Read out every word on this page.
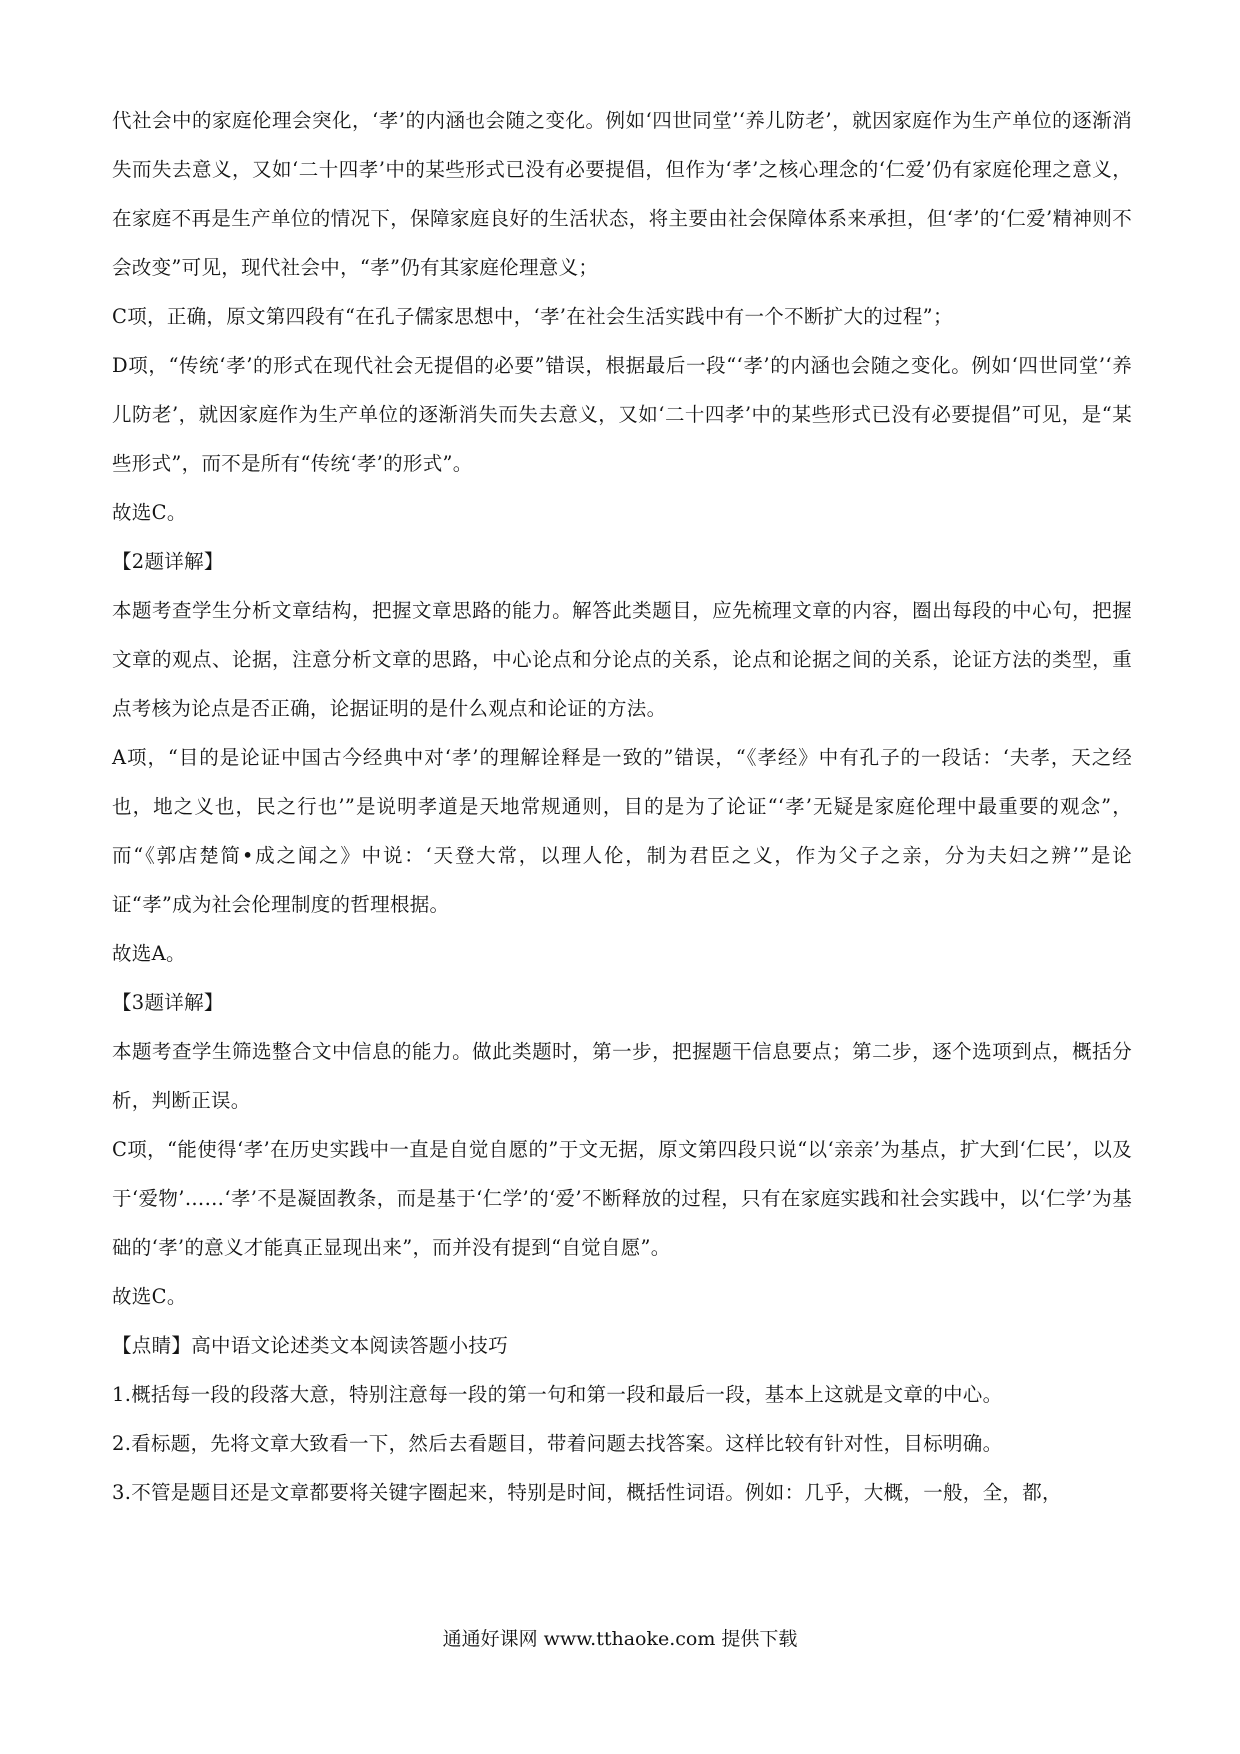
代社会中的家庭伦理会突化，‘孝’的内涵也会随之变化。例如‘四世同堂’‘养儿防老’，就因家庭作为生产单位的逐渐消失而失去意义，又如‘二十四孝’中的某些形式已没有必要提倡，但作为‘孝’之核心理念的‘仁爱’仍有家庭伦理之意义，在家庭不再是生产单位的情况下，保障家庭良好的生活状态，将主要由社会保障体系来承担，但‘孝’的‘仁爱’精神则不会改变”可见，现代社会中，“孝”仍有其家庭伦理意义；

C项，正确，原文第四段有“在孔子儒家思想中，‘孝’在社会生活实践中有一个不断扩大的过程”；

D项，“传统‘孝’的形式在现代社会无提倡的必要”错误，根据最后一段“‘孝’的内涵也会随之变化。例如‘四世同堂’‘养儿防老’，就因家庭作为生产单位的逐渐消失而失去意义，又如‘二十四孝’中的某些形式已没有必要提倡”可见，是“某些形式”，而不是所有“传统‘孝’的形式”。

故选C。

【2题详解】

本题考查学生分析文章结构，把握文章思路的能力。解答此类题目，应先梳理文章的内容，圈出每段的中心句，把握文章的观点、论据，注意分析文章的思路，中心论点和分论点的关系，论点和论据之间的关系，论证方法的类型，重点考核为论点是否正确，论据证明的是什么观点和论证的方法。

A项，“目的是论证中国古今经典中对‘孝’的理解诠释是一致的”错误，“《孝经》中有孔子的一段话：‘夫孝，天之经也，地之义也，民之行也’”是说明孝道是天地常规通则，目的是为了论证“‘孝’无疑是家庭伦理中最重要的观念”，而“《郭店楚简•成之闻之》中说：‘天登大常，以理人伦，制为君臣之义，作为父子之亲，分为夫妇之辨’”是论证“孝”成为社会伦理制度的哲理根据。

故选A。

【3题详解】

本题考查学生筛选整合文中信息的能力。做此类题时，第一步，把握题干信息要点；第二步，逐个选项到点，概括分析，判断正误。

C项，“能使得‘孝’在历史实践中一直是自觉自愿的”于文无据，原文第四段只说“以‘亲亲’为基点，扩大到‘仁民’，以及于‘爱物’……‘孝’不是凝固教条，而是基于‘仁学’的‘爱’不断释放的过程，只有在家庭实践和社会实践中，以‘仁学’为基础的‘孝’的意义才能真正显现出来”，而并没有提到“自觉自愿”。

故选C。

【点睛】高中语文论述类文本阅读答题小技巧

1.概括每一段的段落大意，特别注意每一段的第一句和第一段和最后一段，基本上这就是文章的中心。

2.看标题，先将文章大致看一下，然后去看题目，带着问题去找答案。这样比较有针对性，目标明确。

3.不管是题目还是文章都要将关键字圈起来，特别是时间，概括性词语。例如：几乎，大概，一般，全，都，

通通好课网 www.tthaoke.com 提供下载
